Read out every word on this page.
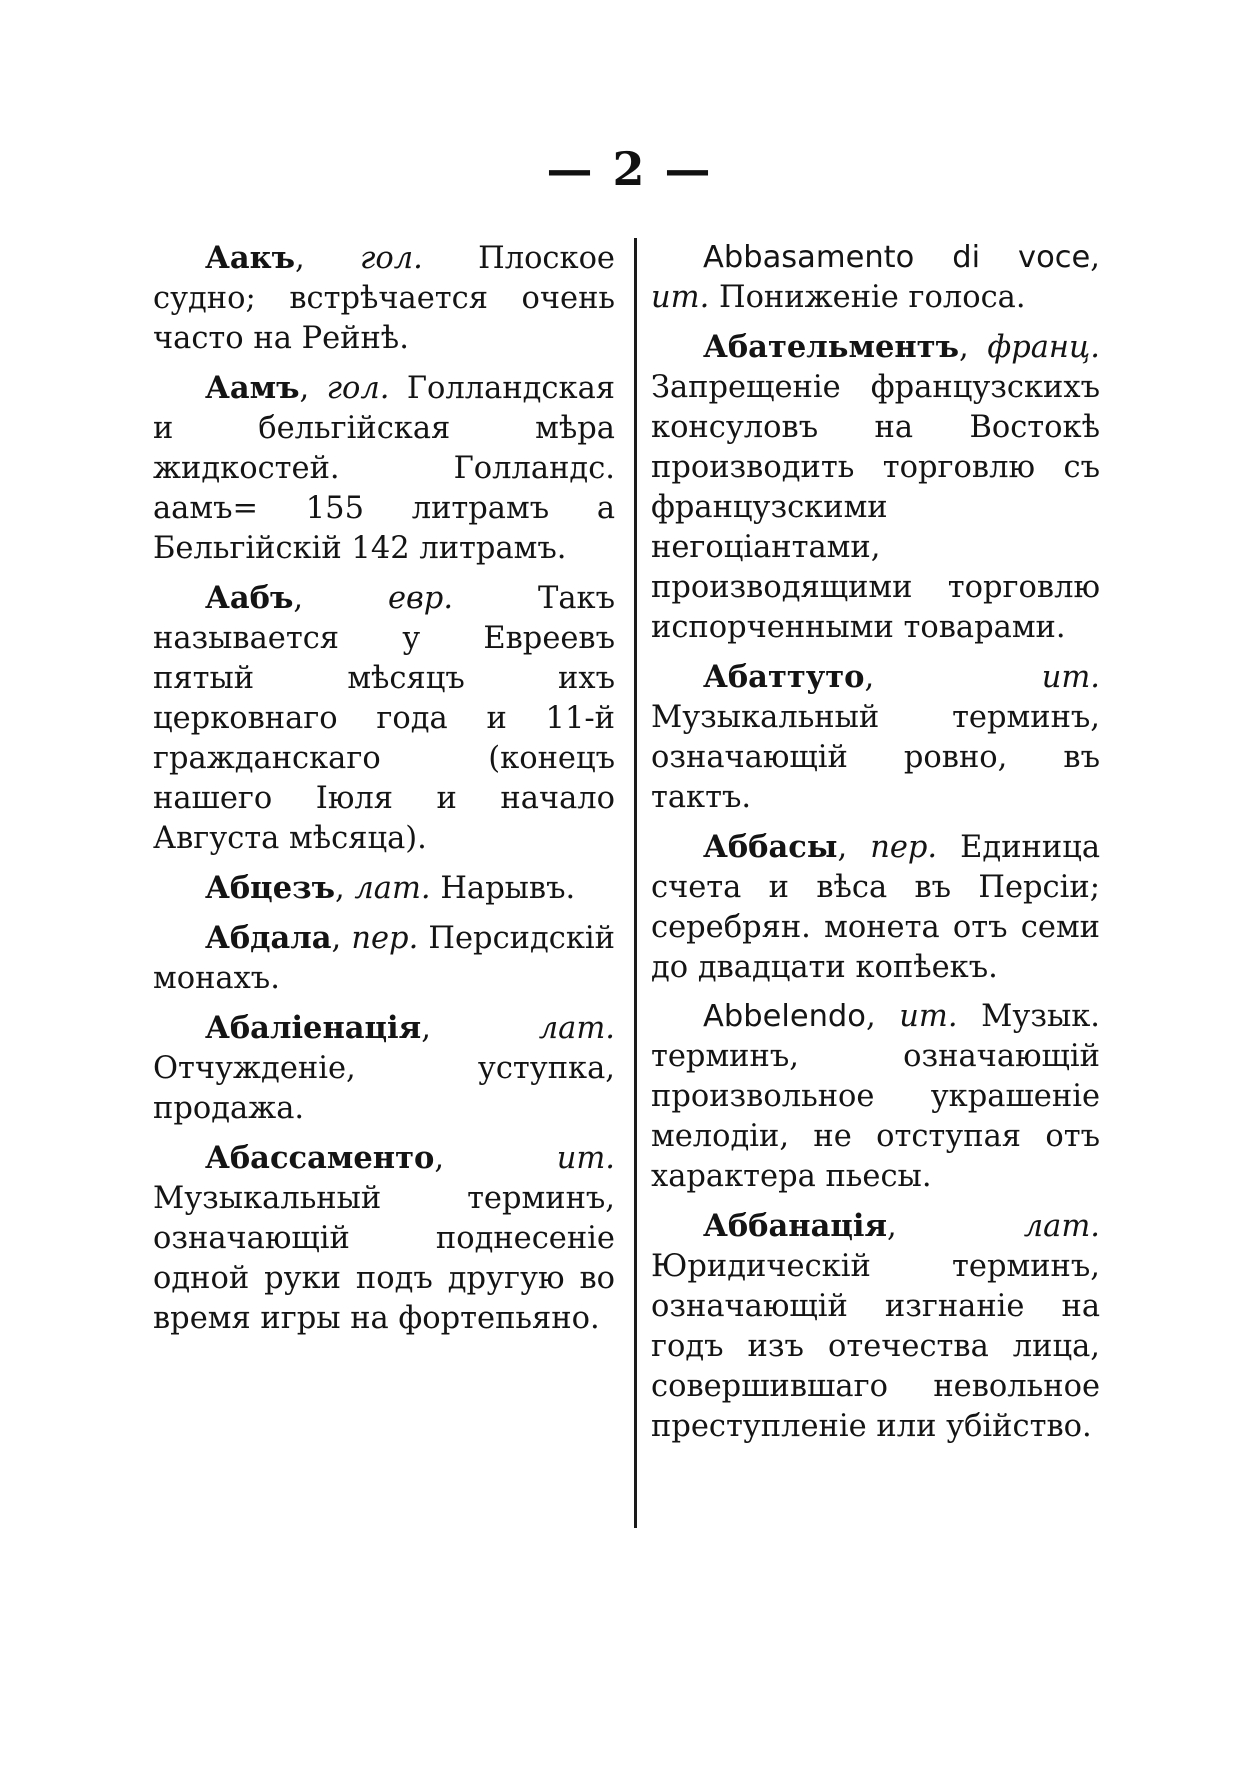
— 2 —

Аакъ, гол. Плоское судно; встрѣчается очень часто на Рейнѣ.

Аамъ, гол. Голландская и бельгійская мѣра жидкостей. Голландс. аамъ= 155 литрамъ а Бельгійскій 142 литрамъ.

Аабъ, евр.	Такъ называется у Евреевъ пятый мѣсяцъ ихъ церковнаго года и 11-й гражданскаго (конецъ нашего Іюля и начало Августа мѣсяца).

Абцезъ, лат. Нарывъ.

Абдала, пер. Персидскій монахъ.

Абаліенація, лат. Отчужденіе, уступка, продажа.

Абассаменто, ит. Музыкальный терминъ, означающій поднесеніе одной руки подъ другую во время игры на фортепьяно.

Abbasamento di voce, ит. Пониженіе голоса.

Абательментъ, франц. Запрещеніе французскихъ консуловъ на Востокѣ производить торговлю съ французскими негоціантами, производящими торговлю испорченными товарами.

Абаттуто, ит. Музыкальный терминъ, означающій ровно, въ тактъ.

Аббасы, пер. Единица счета и вѣса въ Персіи; серебрян. монета отъ семи до двадцати копѣекъ.

Abbelendo, ит. Музык. терминъ, означающій произвольное украшеніе мелодіи, не отступая отъ характера пьесы.

Аббанація, лат. Юридическій терминъ, означающій изгнаніе на годъ изъ отечества лица, совершившаго невольное преступленіе или убійство.
